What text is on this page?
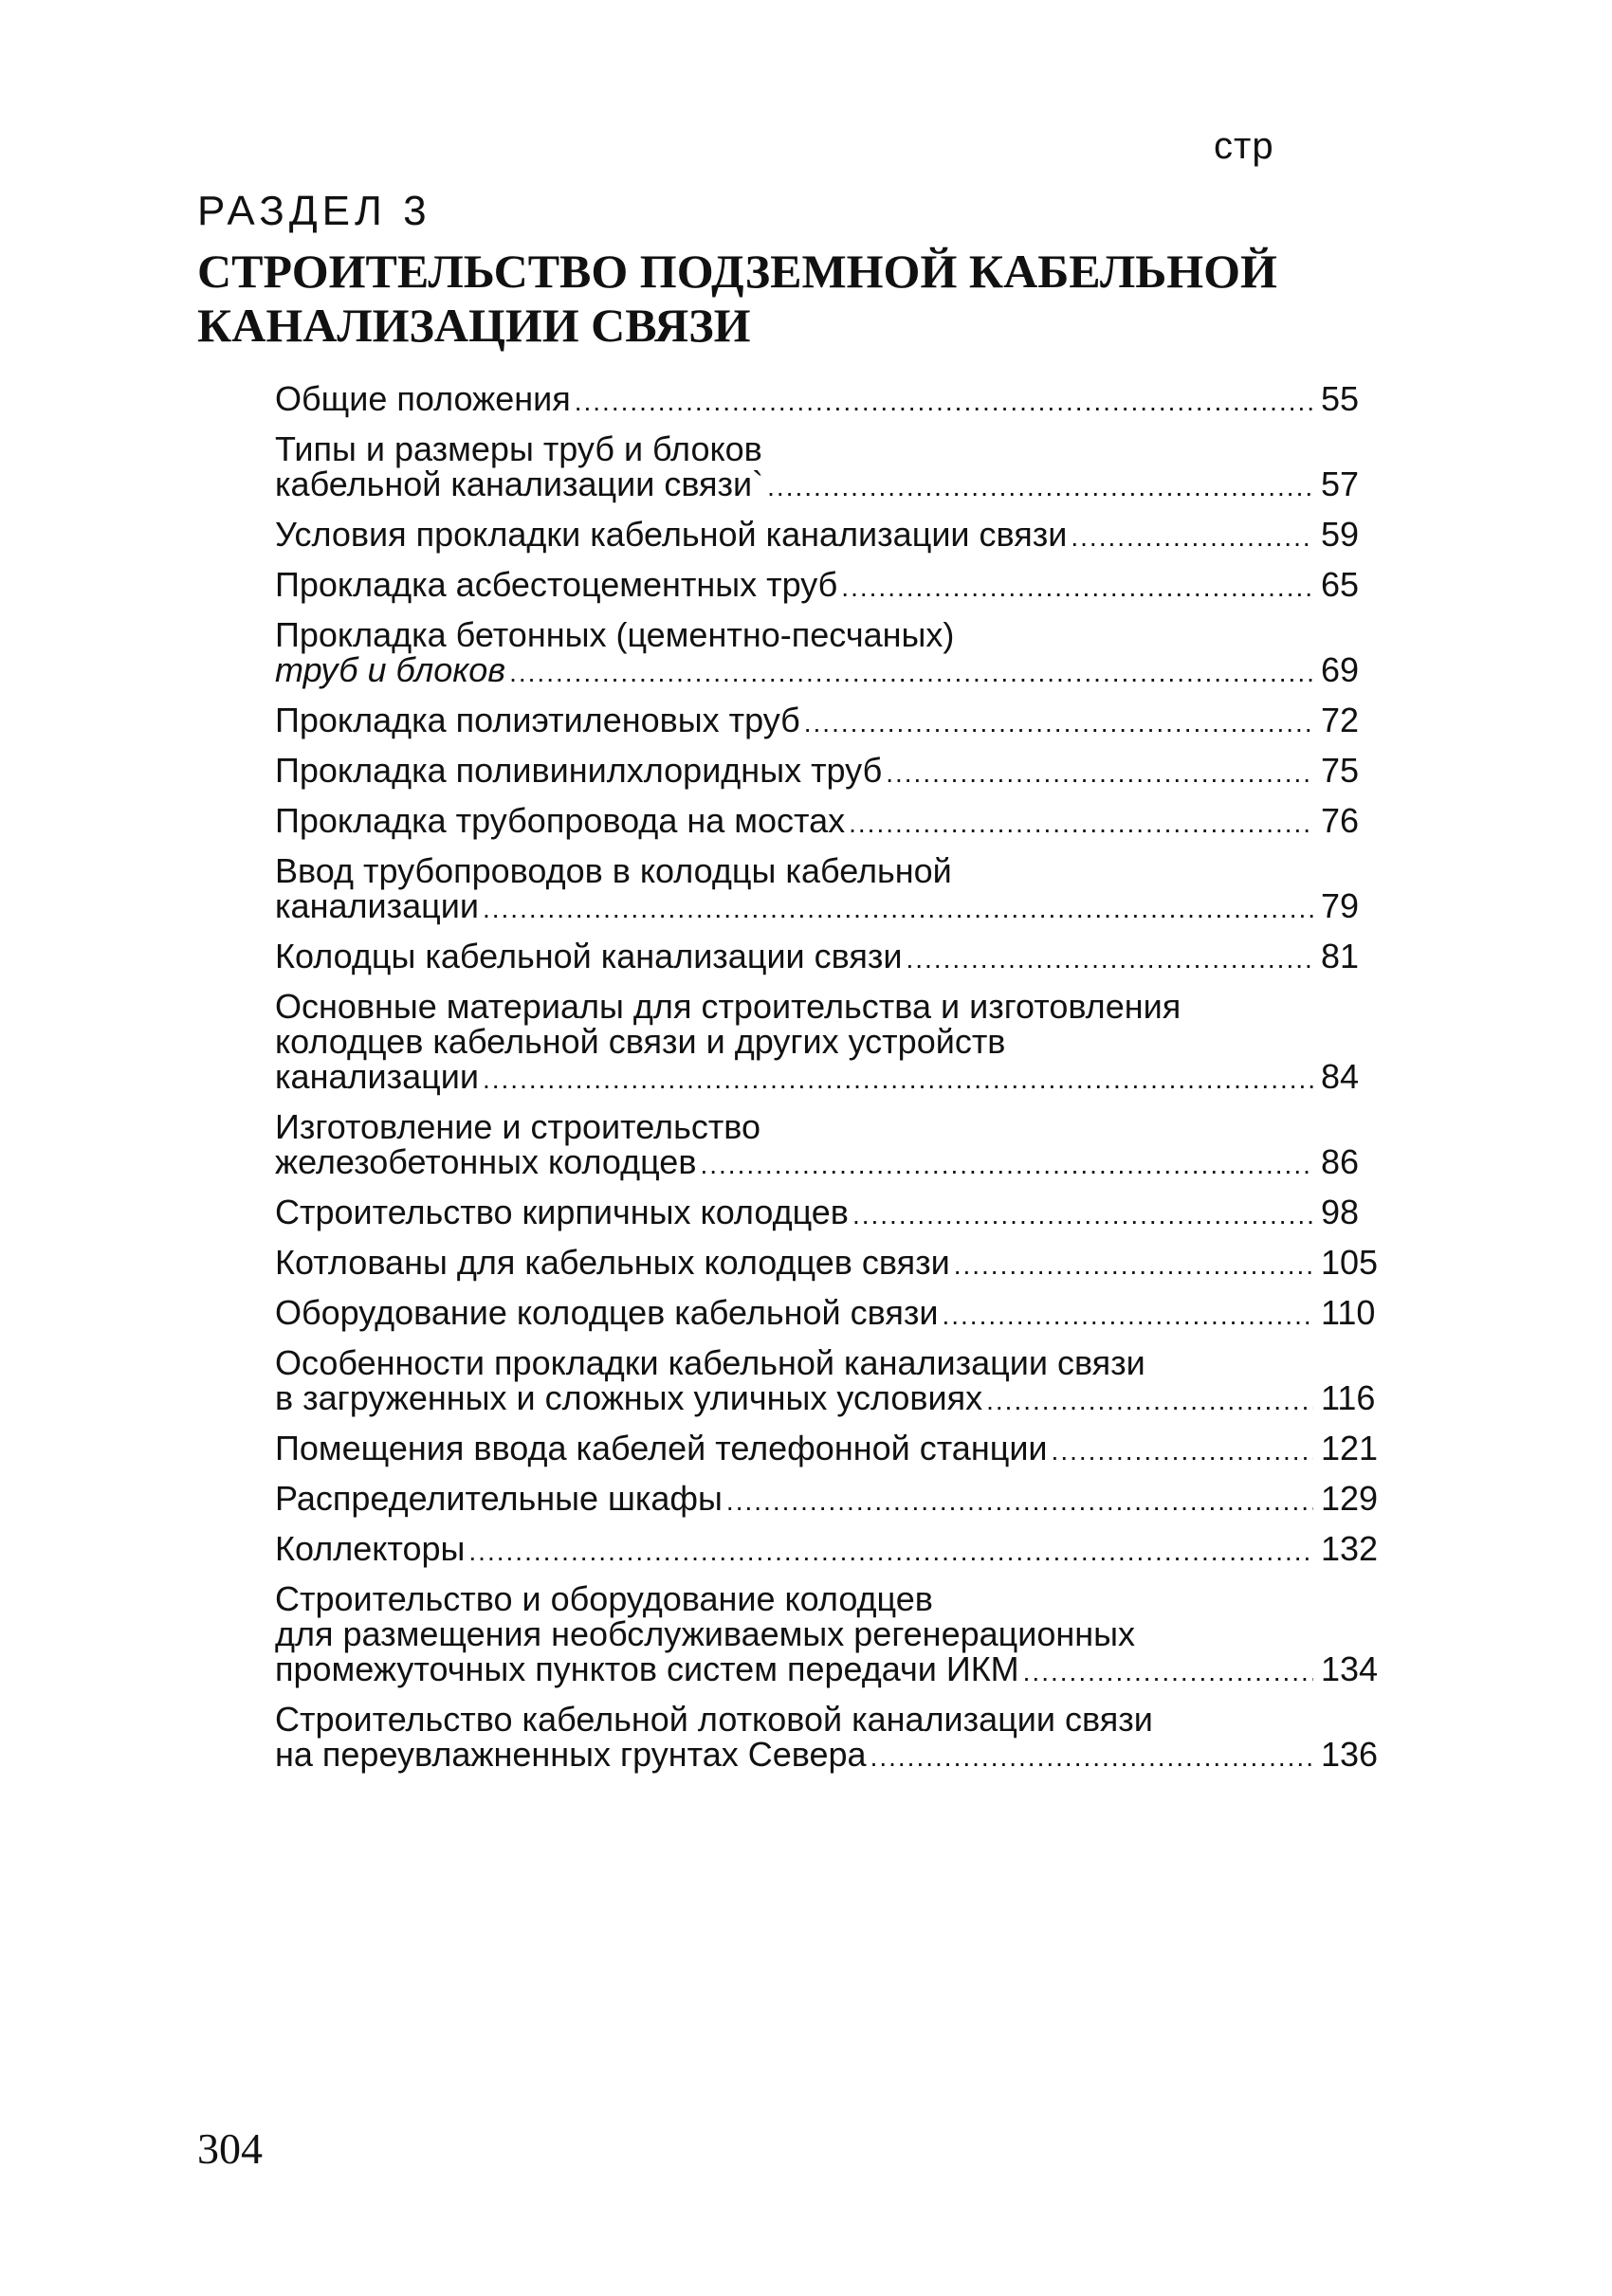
стр
РАЗДЕЛ 3
СТРОИТЕЛЬСТВО ПОДЗЕМНОЙ КАБЕЛЬНОЙ
КАНАЛИЗАЦИИ СВЯЗИ
Общие положения .....	55
Типы и размеры труб и блоков
кабельной канализации связи` .....	57
Условия прокладки кабельной канализации связи .....	59
Прокладка асбестоцементных труб .....	65
Прокладка бетонных (цементно-песчаных)
труб и блоков .....	69
Прокладка полиэтиленовых труб .....	72
Прокладка поливинилхлоридных труб .....	75
Прокладка трубопровода на мостах .....	76
Ввод трубопроводов в колодцы кабельной
канализации .....	79
Колодцы кабельной канализации связи .....	81
Основные материалы для строительства и изготовления
колодцев кабельной связи и других устройств
канализации .....	84
Изготовление и строительство
железобетонных колодцев .....	86
Строительство кирпичных колодцев .....	98
Котлованы для кабельных колодцев связи .....	105
Оборудование колодцев кабельной связи .....	110
Особенности прокладки кабельной канализации связи
в загруженных и сложных уличных условиях .....	116
Помещения ввода кабелей телефонной станции .....	121
Распределительные шкафы .....	129
Коллекторы .....	132
Строительство и оборудование колодцев
для размещения необслуживаемых регенерационных
промежуточных пунктов систем передачи ИКМ .....	134
Строительство кабельной лотковой канализации связи
на переувлажненных грунтах Севера .....	136
304
